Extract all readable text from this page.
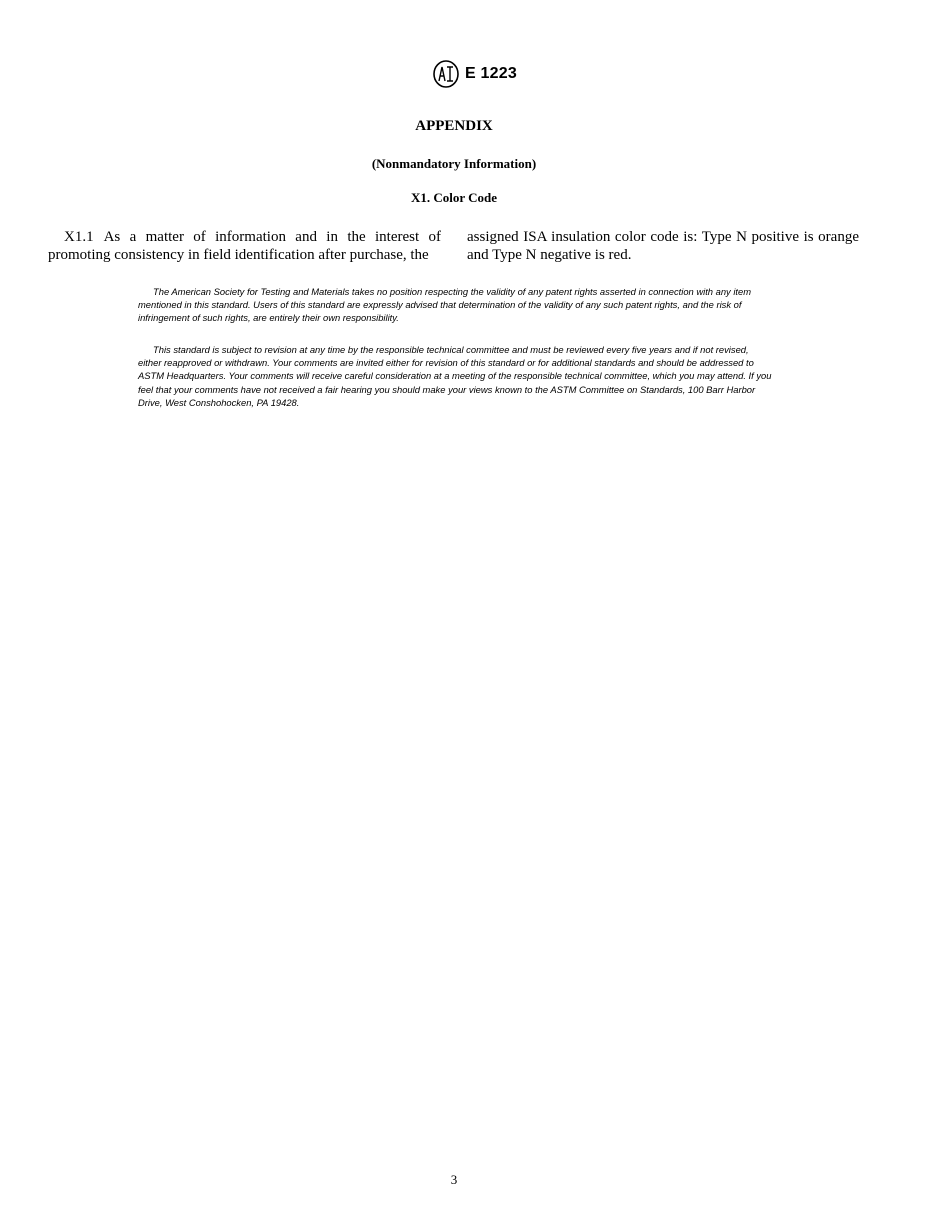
E 1223
APPENDIX
(Nonmandatory Information)
X1. Color Code
X1.1 As a matter of information and in the interest of promoting consistency in field identification after purchase, the
assigned ISA insulation color code is: Type N positive is orange and Type N negative is red.
The American Society for Testing and Materials takes no position respecting the validity of any patent rights asserted in connection with any item mentioned in this standard. Users of this standard are expressly advised that determination of the validity of any such patent rights, and the risk of infringement of such rights, are entirely their own responsibility.
This standard is subject to revision at any time by the responsible technical committee and must be reviewed every five years and if not revised, either reapproved or withdrawn. Your comments are invited either for revision of this standard or for additional standards and should be addressed to ASTM Headquarters. Your comments will receive careful consideration at a meeting of the responsible technical committee, which you may attend. If you feel that your comments have not received a fair hearing you should make your views known to the ASTM Committee on Standards, 100 Barr Harbor Drive, West Conshohocken, PA 19428.
3
